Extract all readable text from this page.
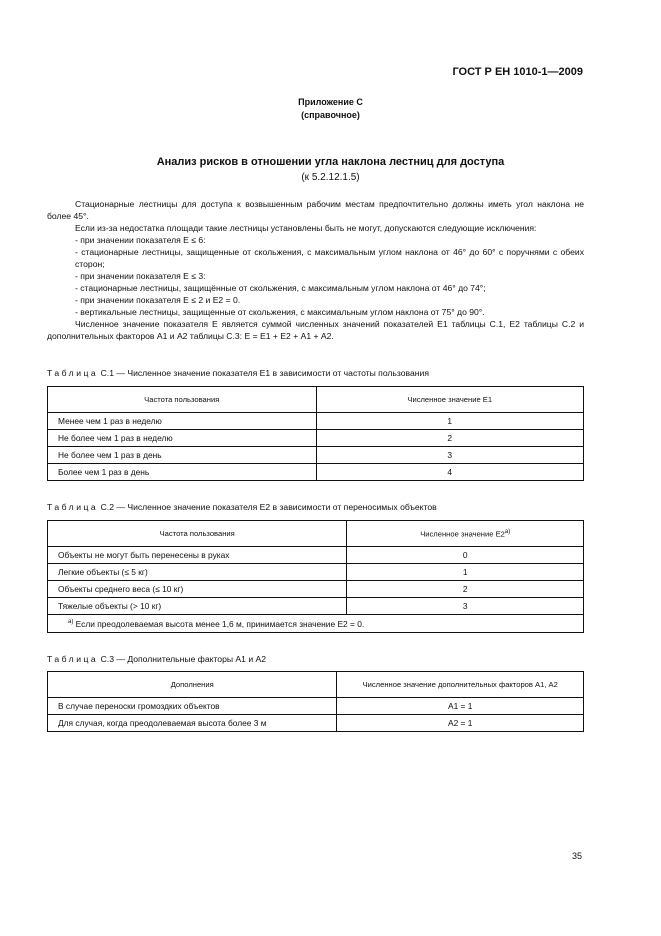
ГОСТ Р ЕН 1010-1—2009
Приложение С
(справочное)
Анализ рисков в отношении угла наклона лестниц для доступа
(к 5.2.12.1.5)

Стационарные лестницы для доступа к возвышенным рабочим местам предпочтительно должны иметь угол наклона не более 45°.

Если из-за недостатка площади такие лестницы установлены быть не могут, допускаются следующие исключения:

- при значении показателя Е ≤ 6:

- стационарные лестницы, защищенные от скольжения, с максимальным углом наклона от 46° до 60° с поручнями с обеих сторон;

- при значении показателя Е ≤ 3:

- стационарные лестницы, защищённые от скольжения, с максимальным углом наклона от 46° до 74°;

- при значении показателя Е ≤ 2 и Е2 = 0.

- вертикальные лестницы, защищенные от скольжения, с максимальным углом наклона от 75° до 90°.

Численное значение показателя Е является суммой численных значений показателей Е1 таблицы С.1, Е2 таблицы С.2 и дополнительных факторов А1 и А2 таблицы С.3: Е = Е1 + Е2 + А1 + А2.

Таблица С.1 — Численное значение показателя Е1 в зависимости от частоты пользования
Частота пользования	Численное значение Е1
Менее чем 1 раз в неделю	1
Не более чем 1 раз в неделю	2
Не более чем 1 раз в день	3
Более чем 1 раз в день	4
Таблица С.2 — Численное значение показателя Е2 в зависимости от переносимых объектов
Частота пользования	Численное значение $Е2^{а)}$
Объекты не могут быть перенесены в руках	0
Легкие объекты (≤ 5 кг)	1
Объекты среднего веса (≤ 10 кг)	2
Тяжелые объекты (> 10 кг)	3
$^{а)}$ Если преодолеваемая высота менее 1,6 м, принимается значение Е2 = 0.	
Таблица С.3 — Дополнительные факторы А1 и А2
Дополнения	Численное значение дополнительных факторов А1, А2
В случае переноски громоздких объектов	А1 = 1
Для случая, когда преодолеваемая высота более 3 м	А2 = 1
35
